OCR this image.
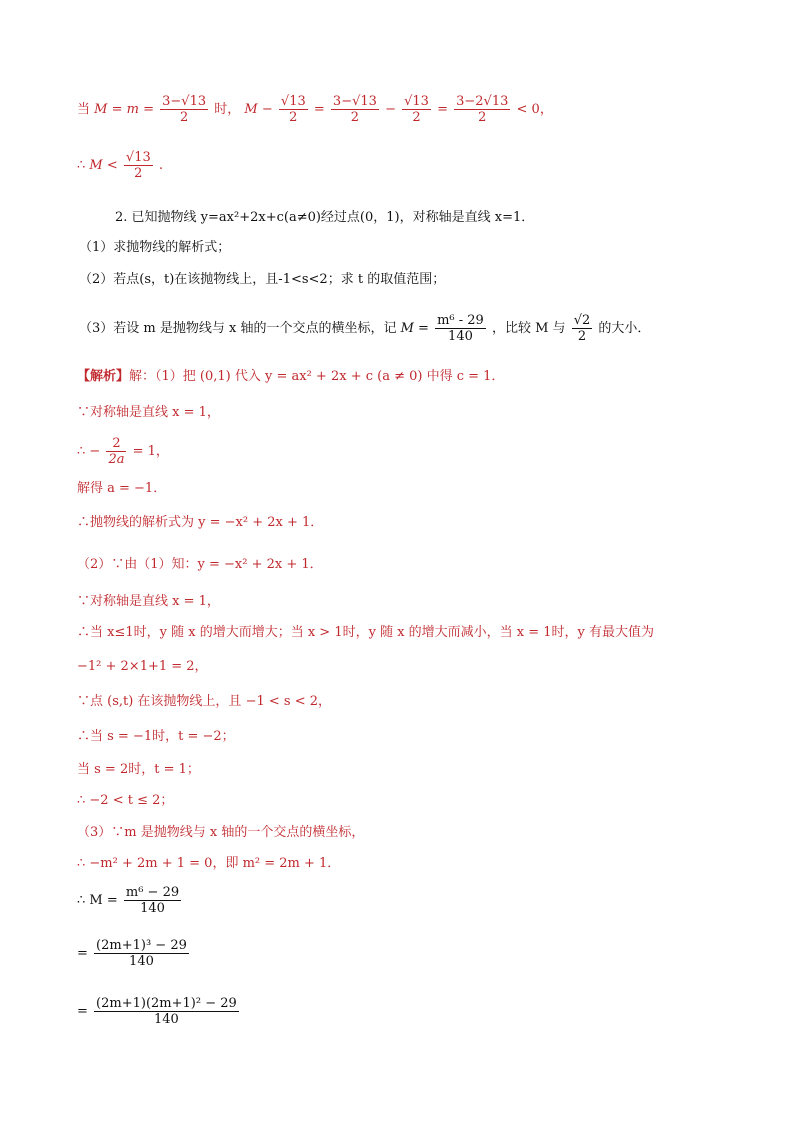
当 $M = m = \frac{3-√13}{2}$ 时， $M - \frac{√13}{2} = \frac{3-√13}{2} - \frac{√13}{2} = \frac{3-2√13}{2} < 0$，
∴ $M < \frac{√13}{2}$ .
2. 已知抛物线 y=ax²+2x+c(a≠0)经过点(0，1)，对称轴是直线 x=1．
（1）求抛物线的解析式；
（2）若点(s，t)在该抛物线上，且-1<s<2；求 t 的取值范围；
（3）若设 m 是抛物线与 x 轴的一个交点的横坐标，记 $M = \frac{\text{m⁶ - 29}}{140}$ ，比较 M 与 $\frac{√2}{2}$ 的大小．
【解析】解：（1）把 (0,1) 代入 y = ax² + 2x + c (a ≠ 0) 中得 c = 1．
∵对称轴是直线 x = 1，
∴ − $\frac{2}{2a} = 1$，
解得 a = −1．
∴抛物线的解析式为 y = −x² + 2x + 1．
（2）∵由（1）知：y = −x² + 2x + 1．
∵对称轴是直线 x = 1，
∴当 x≤1时，y 随 x 的增大而增大；当 x > 1时，y 随 x 的增大而减小，当 x = 1时，y 有最大值为
−1² + 2×1+1 = 2，
∵点 (s,t) 在该抛物线上，且 −1 < s < 2，
∴当 s = −1时，t = −2；
当 s = 2时，t = 1；
∴ −2 < t ≤ 2；
（3）∵m 是抛物线与 x 轴的一个交点的横坐标，
∴ −m² + 2m + 1 = 0，即 m² = 2m + 1．
∴ $M = \frac{\text{m⁶ − 29}}{140}$
= $\frac{\text{(2m+1)³ − 29}}{140}$
= $\frac{\text{(2m+1)(2m+1)² − 29}}{140}$
